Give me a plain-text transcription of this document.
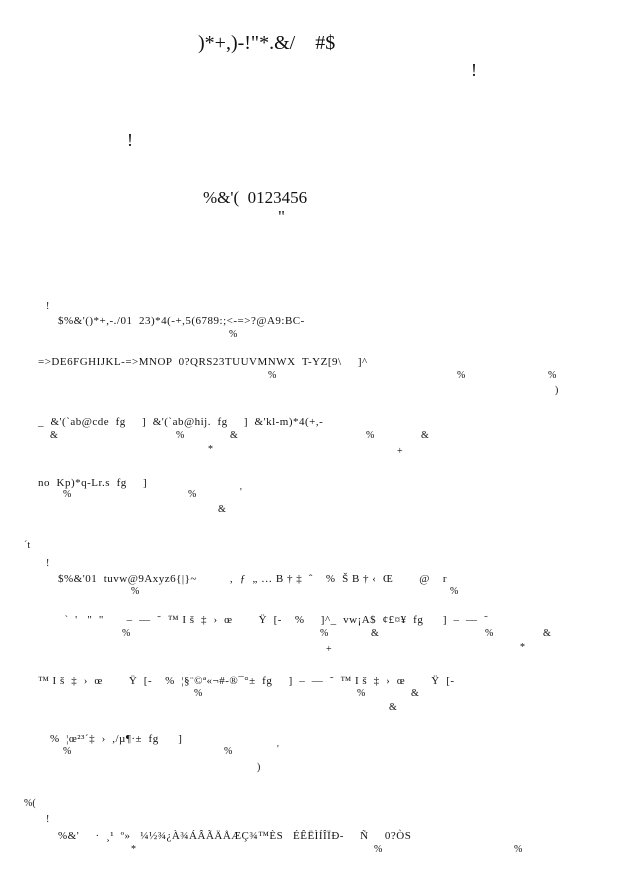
)*+,)-!"*.&/    #$
!
!
%&'(  0123456
"
 
!
$%&'()*+,-./01  23)*4(-+,5(6789:;<-=>?@A9:BC-
%
=>DE6FGHIJKL-=>MNOP  0?QRS23TUUVMNWX  T-YZ[9\     ]^
%	%	%
)
_  &'(`ab@cde  fg     ]  &'(`ab@hij.  fg     ]  &'kl-m)*4(+,-
&	%	&	%	&
*	+
no  Kp)*q-Lr.s  fg     ]
%	%	'
&
´t
!
$%&'01  tuvw@9Axyz6{|}~          ‚  ƒ  „ … B † ‡  ˆ    %  Š B † ‹  Œ        @    r
%	%
`  '   "  "       –  —  ˜  ™ I š  ‡  ›  œ        Ÿ  [-    %     ]^_  vw¡A$  ¢£¤¥  fg      ]  –  —  ˜
%	%	&	%	&
*
+
™ I š  ‡  ›  œ        Ÿ  [-    %  ¦§¨©ª«¬#-®¯°±  fg     ]  –  —  ˜  ™ I š  ‡  ›  œ        Ÿ  [-
%	%	&
&
%  ¦œ²³´‡  ›  ,/µ¶·±  fg      ]
%	%	'
)
%(
!
%&'     ·  ¸¹  º»   ¼½¾¿À¾ÁÂÃÄÅÆÇ¾™ÈS   ÉÊËÌÍÎÏÐ-     Ñ     0?ÒS
*	%	%
